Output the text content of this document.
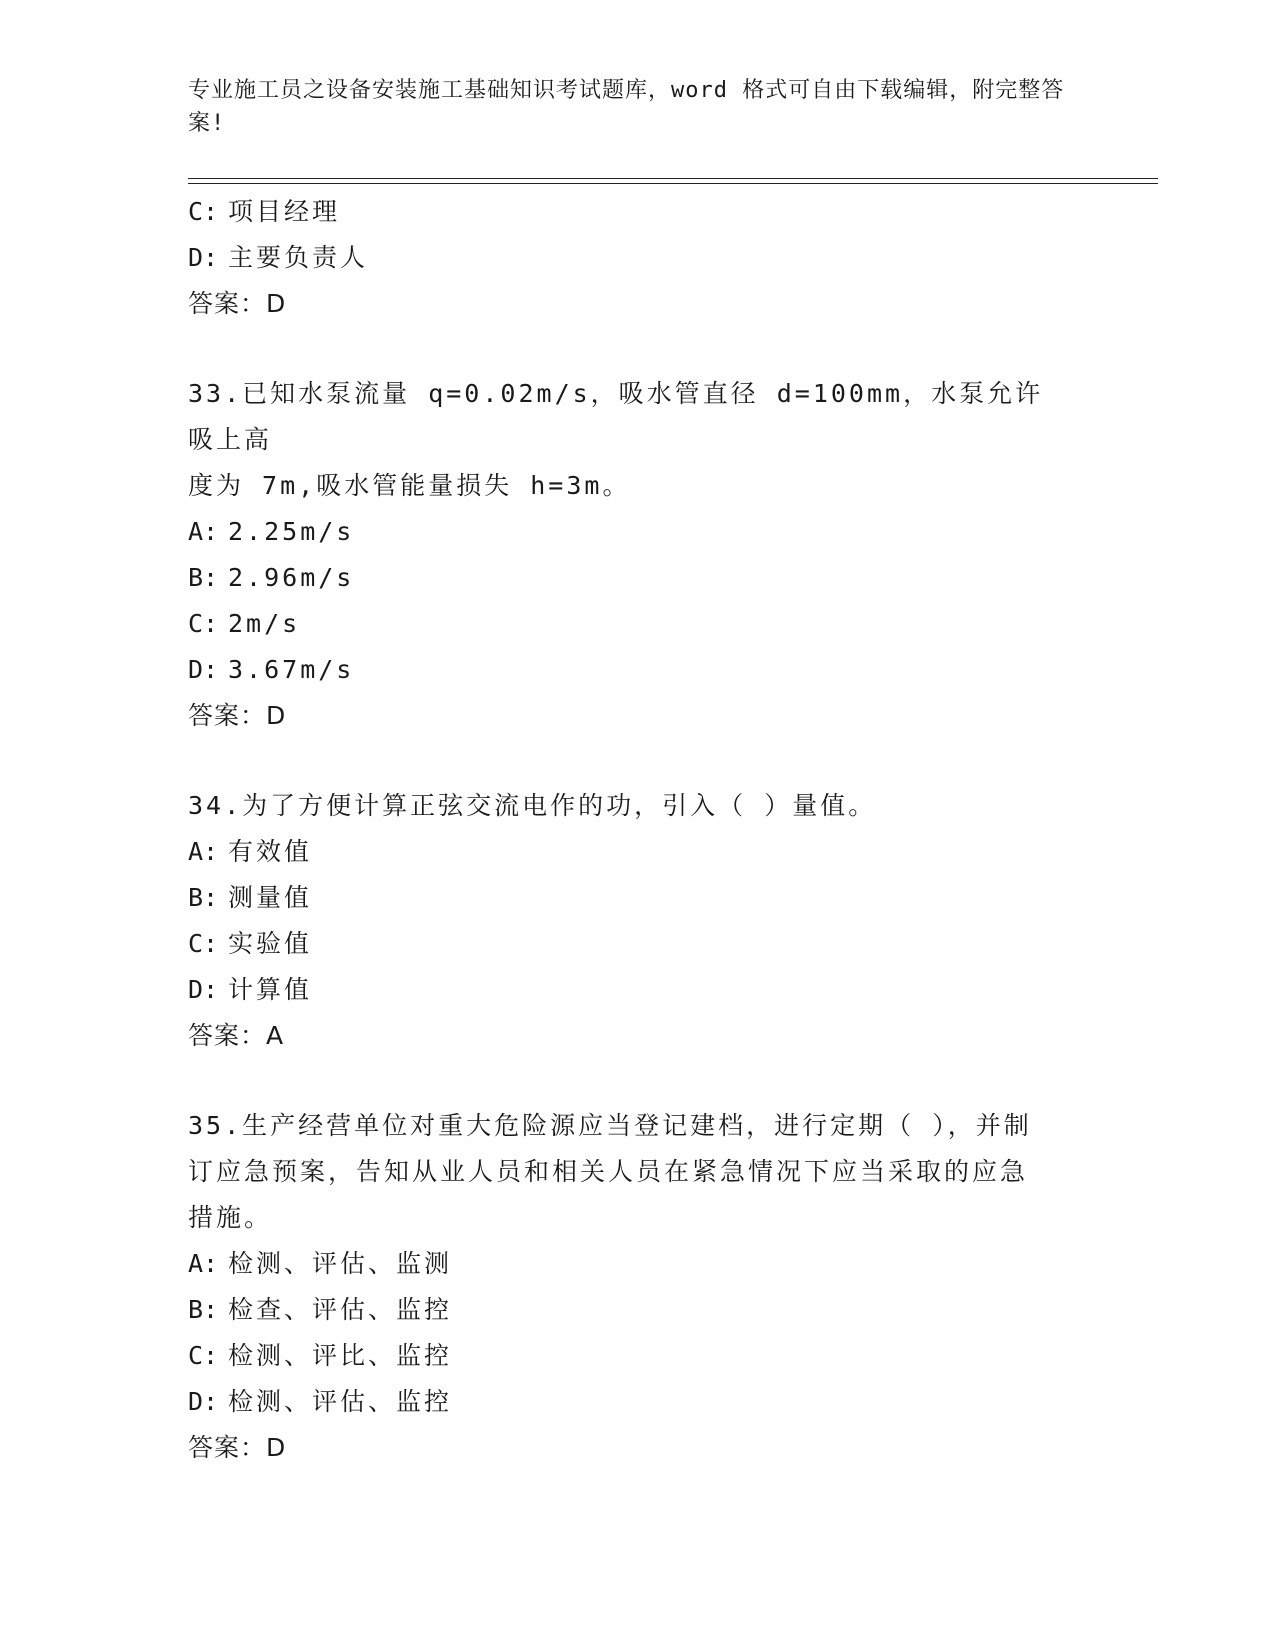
专业施工员之设备安装施工基础知识考试题库，word 格式可自由下载编辑，附完整答案!
C: 项目经理
D: 主要负责人
答案：D
33.已知水泵流量 q=0.02m/s，吸水管直径 d=100mm，水泵允许吸上高
度为 7m,吸水管能量损失 h=3m。
A: 2.25m/s
B: 2.96m/s
C: 2m/s
D: 3.67m/s
答案：D
34.为了方便计算正弦交流电作的功，引入（ ）量值。
A: 有效值
B: 测量值
C: 实验值
D: 计算值
答案：A
35.生产经营单位对重大危险源应当登记建档，进行定期（ ），并制
订应急预案，告知从业人员和相关人员在紧急情况下应当采取的应急
措施。
A: 检测、评估、监测
B: 检查、评估、监控
C: 检测、评比、监控
D: 检测、评估、监控
答案：D
